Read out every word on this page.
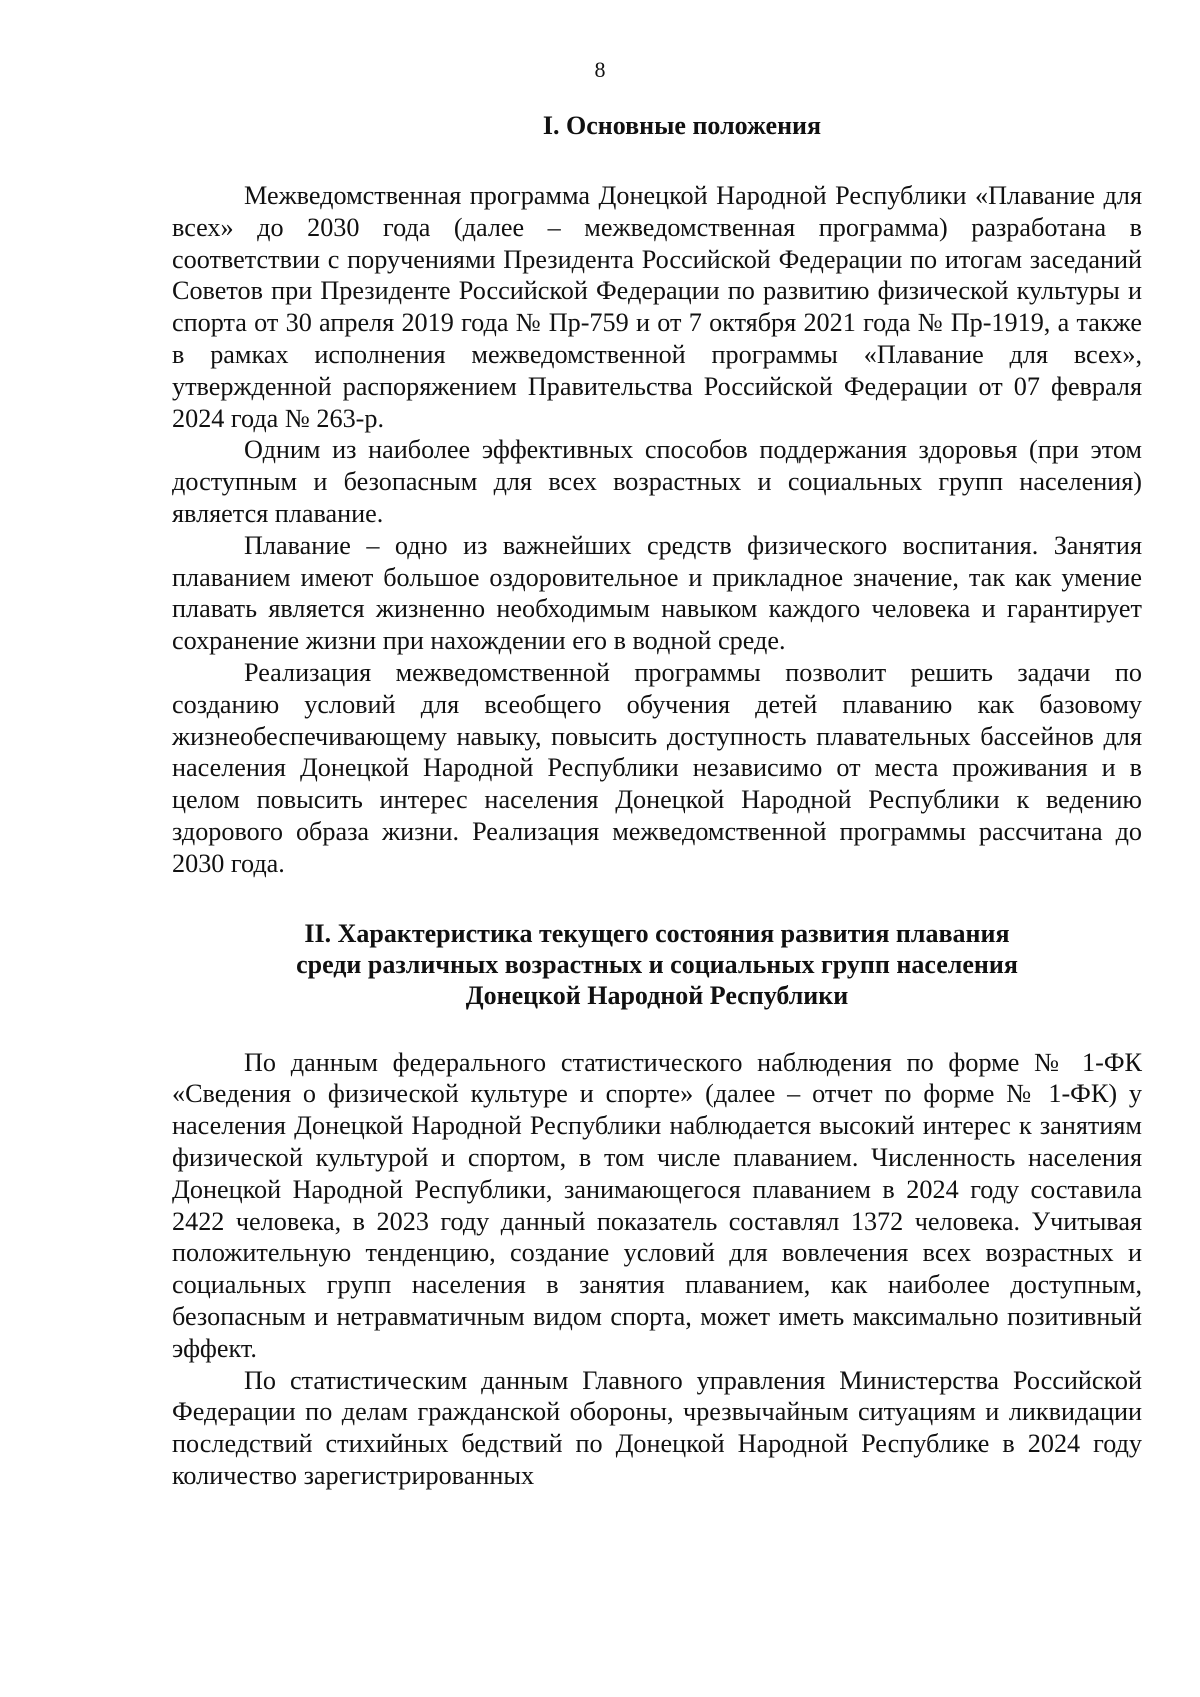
8
I. Основные положения

Межведомственная программа Донецкой Народной Республики «Плавание для всех» до 2030 года (далее – межведомственная программа) разработана в соответствии с поручениями Президента Российской Федерации по итогам заседаний Советов при Президенте Российской Федерации по развитию физической культуры и спорта от 30 апреля 2019 года № Пр-759 и от 7 октября 2021 года № Пр-1919, а также в рамках исполнения межведомственной программы «Плавание для всех», утвержденной распоряжением Правительства Российской Федерации от 07 февраля 2024 года № 263-р.

Одним из наиболее эффективных способов поддержания здоровья (при этом доступным и безопасным для всех возрастных и социальных групп населения) является плавание.

Плавание – одно из важнейших средств физического воспитания. Занятия плаванием имеют большое оздоровительное и прикладное значение, так как умение плавать является жизненно необходимым навыком каждого человека и гарантирует сохранение жизни при нахождении его в водной среде.

Реализация межведомственной программы позволит решить задачи по созданию условий для всеобщего обучения детей плаванию как базовому жизнеобеспечивающему навыку, повысить доступность плавательных бассейнов для населения Донецкой Народной Республики независимо от места проживания и в целом повысить интерес населения Донецкой Народной Республики к ведению здорового образа жизни. Реализация межведомственной программы рассчитана до 2030 года.

II. Характеристика текущего состояния развития плавания
среди различных возрастных и социальных групп населения
Донецкой Народной Республики

По данным федерального статистического наблюдения по форме № 1-ФК «Сведения о физической культуре и спорте» (далее – отчет по форме № 1-ФК) у населения Донецкой Народной Республики наблюдается высокий интерес к занятиям физической культурой и спортом, в том числе плаванием. Численность населения Донецкой Народной Республики, занимающегося плаванием в 2024 году составила 2422 человека, в 2023 году данный показатель составлял 1372 человека. Учитывая положительную тенденцию, создание условий для вовлечения всех возрастных и социальных групп населения в занятия плаванием, как наиболее доступным, безопасным и нетравматичным видом спорта, может иметь максимально позитивный эффект.

По статистическим данным Главного управления Министерства Российской Федерации по делам гражданской обороны, чрезвычайным ситуациям и ликвидации последствий стихийных бедствий по Донецкой Народной Республике в 2024 году количество зарегистрированных
